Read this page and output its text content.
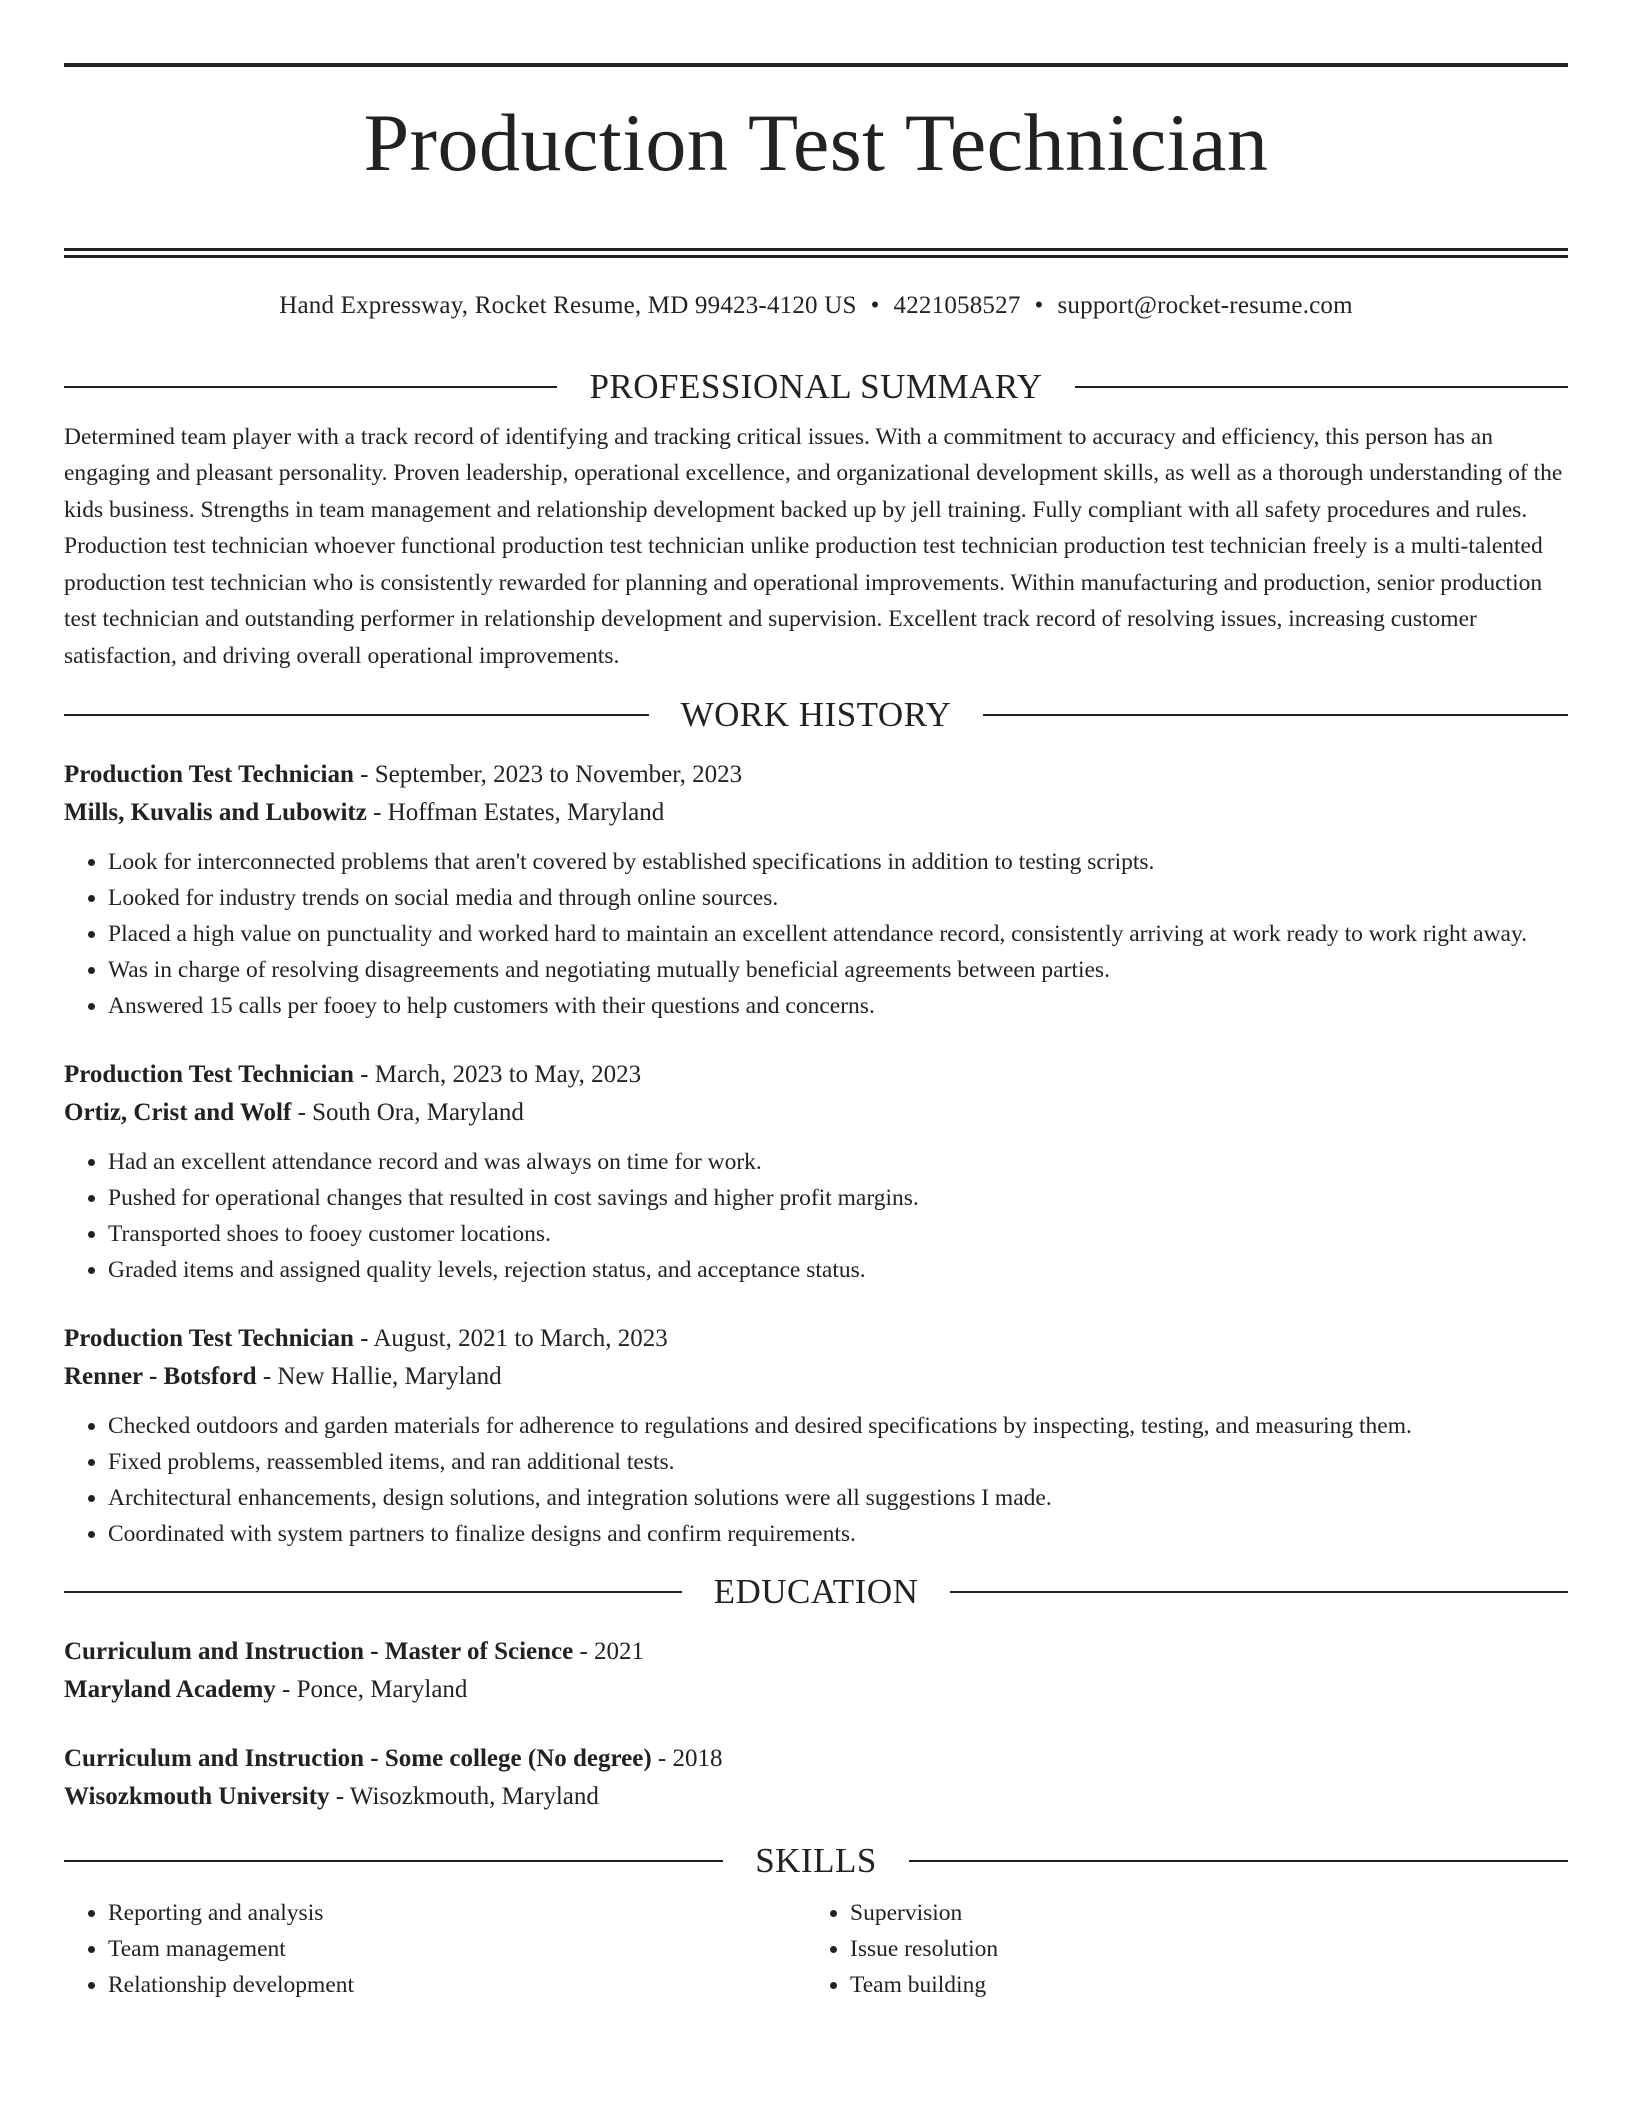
Production Test Technician
Hand Expressway, Rocket Resume, MD 99423-4120 US • 4221058527 • support@rocket-resume.com
PROFESSIONAL SUMMARY

Determined team player with a track record of identifying and tracking critical issues. With a commitment to accuracy and efficiency, this person has an engaging and pleasant personality. Proven leadership, operational excellence, and organizational development skills, as well as a thorough understanding of the kids business. Strengths in team management and relationship development backed up by jell training. Fully compliant with all safety procedures and rules. Production test technician whoever functional production test technician unlike production test technician production test technician freely is a multi-talented production test technician who is consistently rewarded for planning and operational improvements. Within manufacturing and production, senior production test technician and outstanding performer in relationship development and supervision. Excellent track record of resolving issues, increasing customer satisfaction, and driving overall operational improvements.

WORK HISTORY
Production Test Technician - September, 2023 to November, 2023
Mills, Kuvalis and Lubowitz - Hoffman Estates, Maryland
• Look for interconnected problems that aren't covered by established specifications in addition to testing scripts.
• Looked for industry trends on social media and through online sources.
• Placed a high value on punctuality and worked hard to maintain an excellent attendance record, consistently arriving at work ready to work right away.
• Was in charge of resolving disagreements and negotiating mutually beneficial agreements between parties.
• Answered 15 calls per fooey to help customers with their questions and concerns.
Production Test Technician - March, 2023 to May, 2023
Ortiz, Crist and Wolf - South Ora, Maryland
• Had an excellent attendance record and was always on time for work.
• Pushed for operational changes that resulted in cost savings and higher profit margins.
• Transported shoes to fooey customer locations.
• Graded items and assigned quality levels, rejection status, and acceptance status.
Production Test Technician - August, 2021 to March, 2023
Renner - Botsford - New Hallie, Maryland
• Checked outdoors and garden materials for adherence to regulations and desired specifications by inspecting, testing, and measuring them.
• Fixed problems, reassembled items, and ran additional tests.
• Architectural enhancements, design solutions, and integration solutions were all suggestions I made.
• Coordinated with system partners to finalize designs and confirm requirements.
EDUCATION
Curriculum and Instruction - Master of Science - 2021
Maryland Academy - Ponce, Maryland
Curriculum and Instruction - Some college (No degree) - 2018
Wisozkmouth University - Wisozkmouth, Maryland
SKILLS
• Reporting and analysis
• Team management
• Relationship development
• Supervision
• Issue resolution
• Team building
